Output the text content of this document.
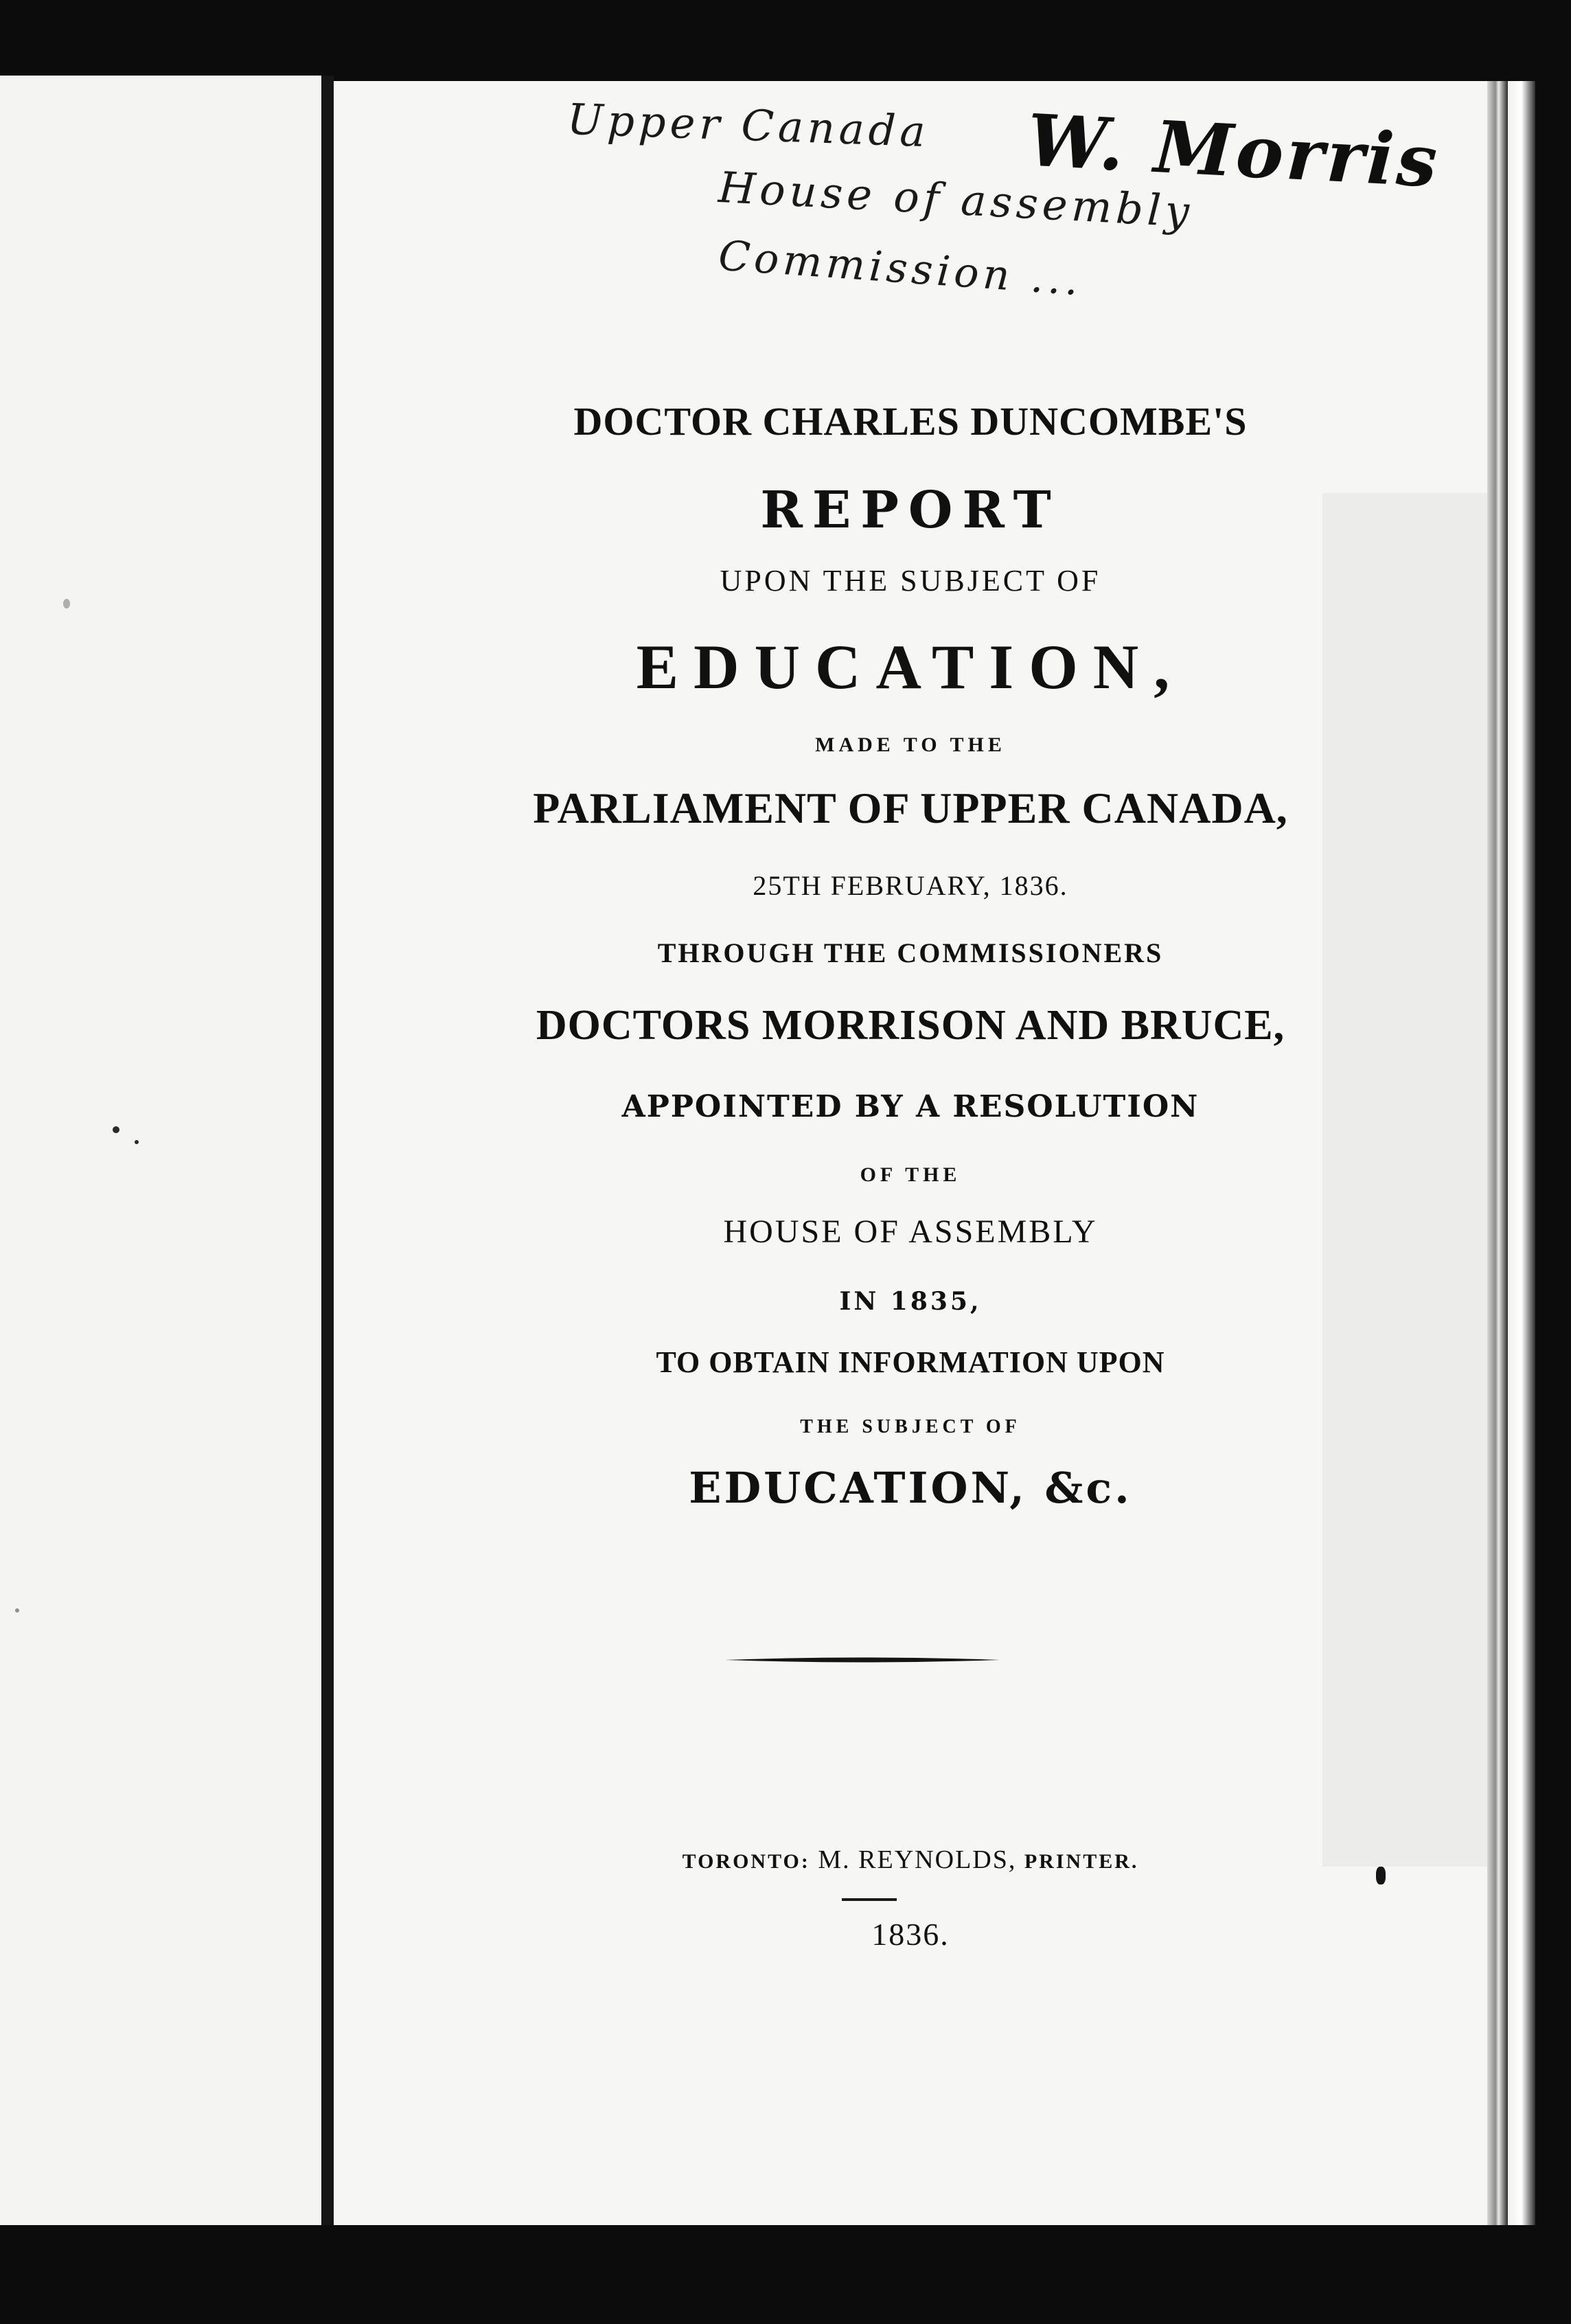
Upper Canada
House of assembly
Commission ...
W. Morris
DOCTOR CHARLES DUNCOMBE'S
REPORT
UPON THE SUBJECT OF
EDUCATION,
MADE TO THE
PARLIAMENT OF UPPER CANADA,
25TH FEBRUARY, 1836.
THROUGH THE COMMISSIONERS
DOCTORS MORRISON AND BRUCE,
APPOINTED BY A RESOLUTION
OF THE
HOUSE OF ASSEMBLY
IN 1835,
TO OBTAIN INFORMATION UPON
THE SUBJECT OF
EDUCATION, &c.
TORONTO: M. REYNOLDS, PRINTER.
1836.
